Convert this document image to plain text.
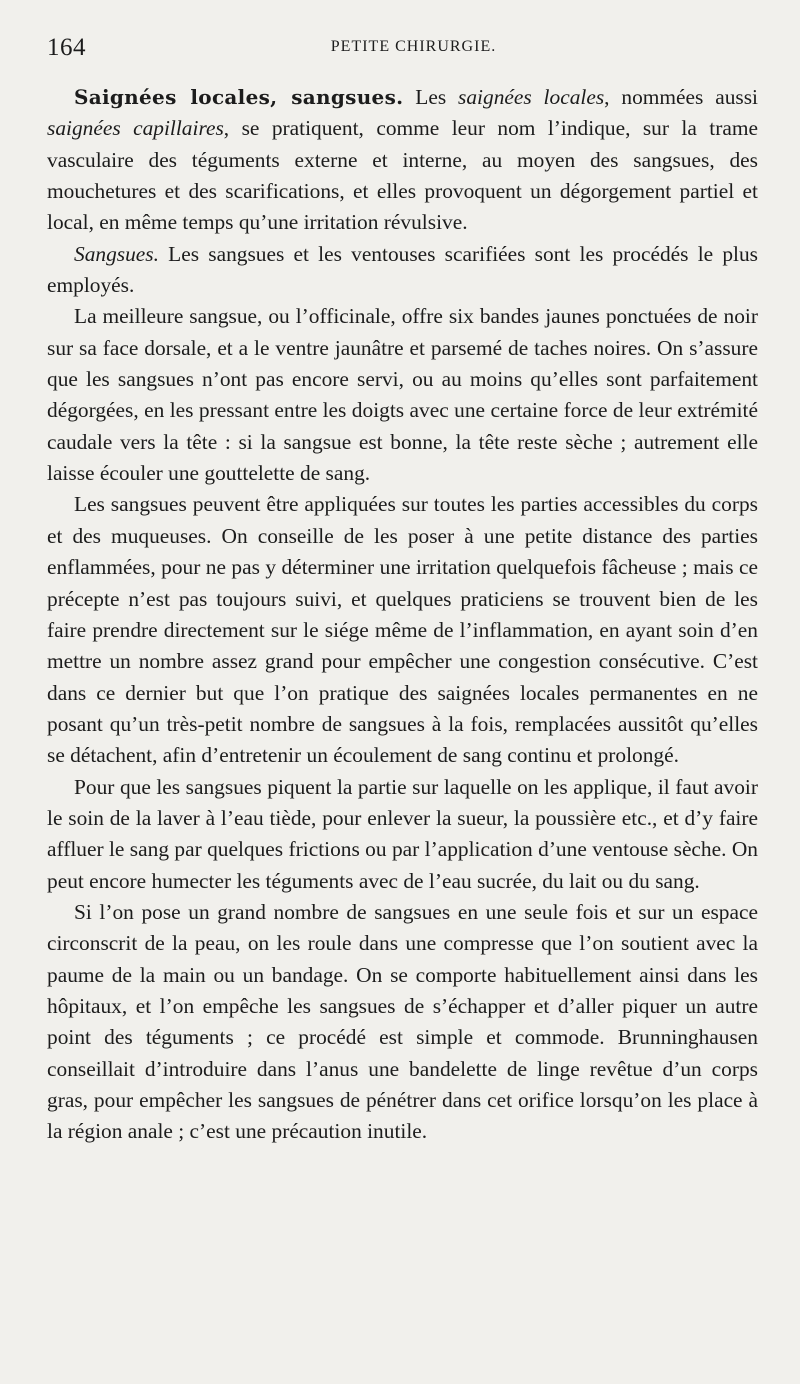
164	PETITE CHIRURGIE.

Saignées locales, sangsues. Les saignées locales, nommées aussi saignées capillaires, se pratiquent, comme leur nom l’indique, sur la trame vasculaire des téguments externe et interne, au moyen des sangsues, des mouchetures et des scarifications, et elles provoquent un dégorgement partiel et local, en même temps qu’une irritation révulsive.

Sangsues. Les sangsues et les ventouses scarifiées sont les procédés le plus employés.

La meilleure sangsue, ou l’officinale, offre six bandes jaunes ponctuées de noir sur sa face dorsale, et a le ventre jaunâtre et parsemé de taches noires. On s’assure que les sangsues n’ont pas encore servi, ou au moins qu’elles sont parfaitement dégorgées, en les pressant entre les doigts avec une certaine force de leur extrémité caudale vers la tête : si la sangsue est bonne, la tête reste sèche ; autrement elle laisse écouler une gouttelette de sang.

Les sangsues peuvent être appliquées sur toutes les parties accessibles du corps et des muqueuses. On conseille de les poser à une petite distance des parties enflammées, pour ne pas y déterminer une irritation quelquefois fâcheuse ; mais ce précepte n’est pas toujours suivi, et quelques praticiens se trouvent bien de les faire prendre directement sur le siége même de l’inflammation, en ayant soin d’en mettre un nombre assez grand pour empêcher une congestion consécutive. C’est dans ce dernier but que l’on pratique des saignées locales permanentes en ne posant qu’un très-petit nombre de sangsues à la fois, remplacées aussitôt qu’elles se détachent, afin d’entretenir un écoulement de sang continu et prolongé.

Pour que les sangsues piquent la partie sur laquelle on les applique, il faut avoir le soin de la laver à l’eau tiède, pour enlever la sueur, la poussière etc., et d’y faire affluer le sang par quelques frictions ou par l’application d’une ventouse sèche. On peut encore humecter les téguments avec de l’eau sucrée, du lait ou du sang.

Si l’on pose un grand nombre de sangsues en une seule fois et sur un espace circonscrit de la peau, on les roule dans une compresse que l’on soutient avec la paume de la main ou un bandage. On se comporte habituellement ainsi dans les hôpitaux, et l’on empêche les sangsues de s’échapper et d’aller piquer un autre point des téguments ; ce procédé est simple et commode. Brunninghausen conseillait d’introduire dans l’anus une bandelette de linge revêtue d’un corps gras, pour empêcher les sangsues de pénétrer dans cet orifice lorsqu’on les place à la région anale ; c’est une précaution inutile.
